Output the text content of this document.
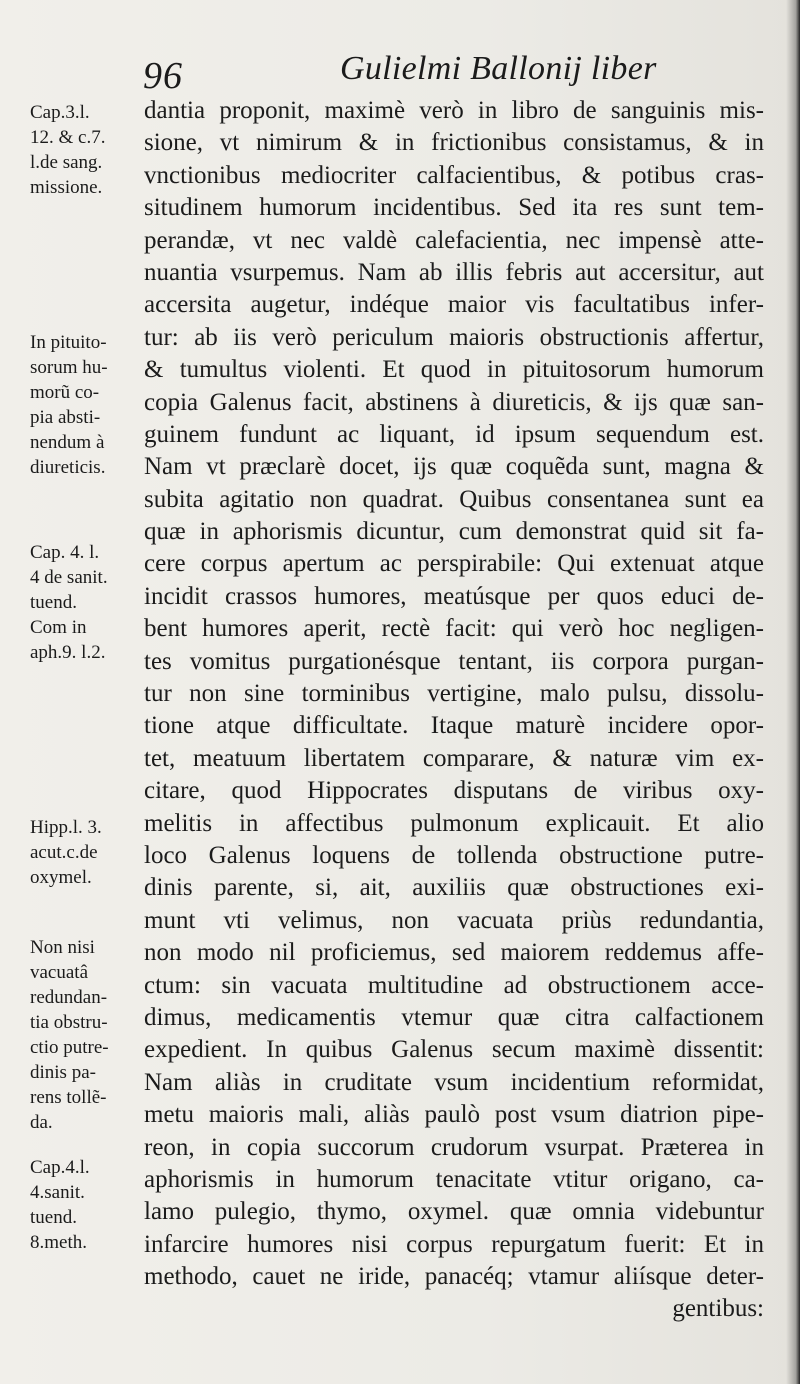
96	Gulielmi Ballonij liber
Cap.3.l.
12. & c.7.
l.de sang.
missione.
In pituito-
sorum hu-
morũ co-
pia absti-
nendum à
diureticis.
Cap. 4. l.
4 de sanit.
tuend.
Com in
aph.9. l.2.
Hipp.l. 3.
acut.c.de
oxymel.
Non nisi
vacuatâ
redundan-
tia obstru-
ctio putre-
dinis pa-
rens tollẽ-
da.
Cap.4.l.
4.sanit.
tuend.
8.meth.
dantia proponit, maximè verò in libro de sanguinis mis-
sione, vt nimirum & in frictionibus consistamus, & in
vnctionibus mediocriter calfacientibus, & potibus cras-
situdinem humorum incidentibus. Sed ita res sunt tem-
perandæ, vt nec valdè calefacientia, nec impensè atte-
nuantia vsurpemus. Nam ab illis febris aut accersitur, aut
accersita augetur, indéque maior vis facultatibus infer-
tur: ab iis verò periculum maioris obstructionis affertur,
& tumultus violenti. Et quod in pituitosorum humorum
copia Galenus facit, abstinens à diureticis, & ijs quæ san-
guinem fundunt ac liquant, id ipsum sequendum est.
Nam vt præclarè docet, ijs quæ coquẽda sunt, magna &
subita agitatio non quadrat. Quibus consentanea sunt ea
quæ in aphorismis dicuntur, cum demonstrat quid sit fa-
cere corpus apertum ac perspirabile: Qui extenuat atque
incidit crassos humores, meatúsque per quos educi de-
bent humores aperit, rectè facit: qui verò hoc negligen-
tes vomitus purgationésque tentant, iis corpora purgan-
tur non sine torminibus vertigine, malo pulsu, dissolu-
tione atque difficultate. Itaque maturè incidere opor-
tet, meatuum libertatem comparare, & naturæ vim ex-
citare, quod Hippocrates disputans de viribus oxy-
melitis in affectibus pulmonum explicauit. Et alio
loco Galenus loquens de tollenda obstructione putre-
dinis parente, si, ait, auxiliis quæ obstructiones exi-
munt vti velimus, non vacuata priùs redundantia,
non modo nil proficiemus, sed maiorem reddemus affe-
ctum: sin vacuata multitudine ad obstructionem acce-
dimus, medicamentis vtemur quæ citra calfactionem
expedient. In quibus Galenus secum maximè dissentit:
Nam aliàs in cruditate vsum incidentium reformidat,
metu maioris mali, aliàs paulò post vsum diatrion pipe-
reon, in copia succorum crudorum vsurpat. Præterea in
aphorismis in humorum tenacitate vtitur origano, ca-
lamo pulegio, thymo, oxymel. quæ omnia videbuntur
infarcire humores nisi corpus repurgatum fuerit: Et in
methodo, cauet ne iride, panacéq; vtamur aliísque deter-
gentibus:
